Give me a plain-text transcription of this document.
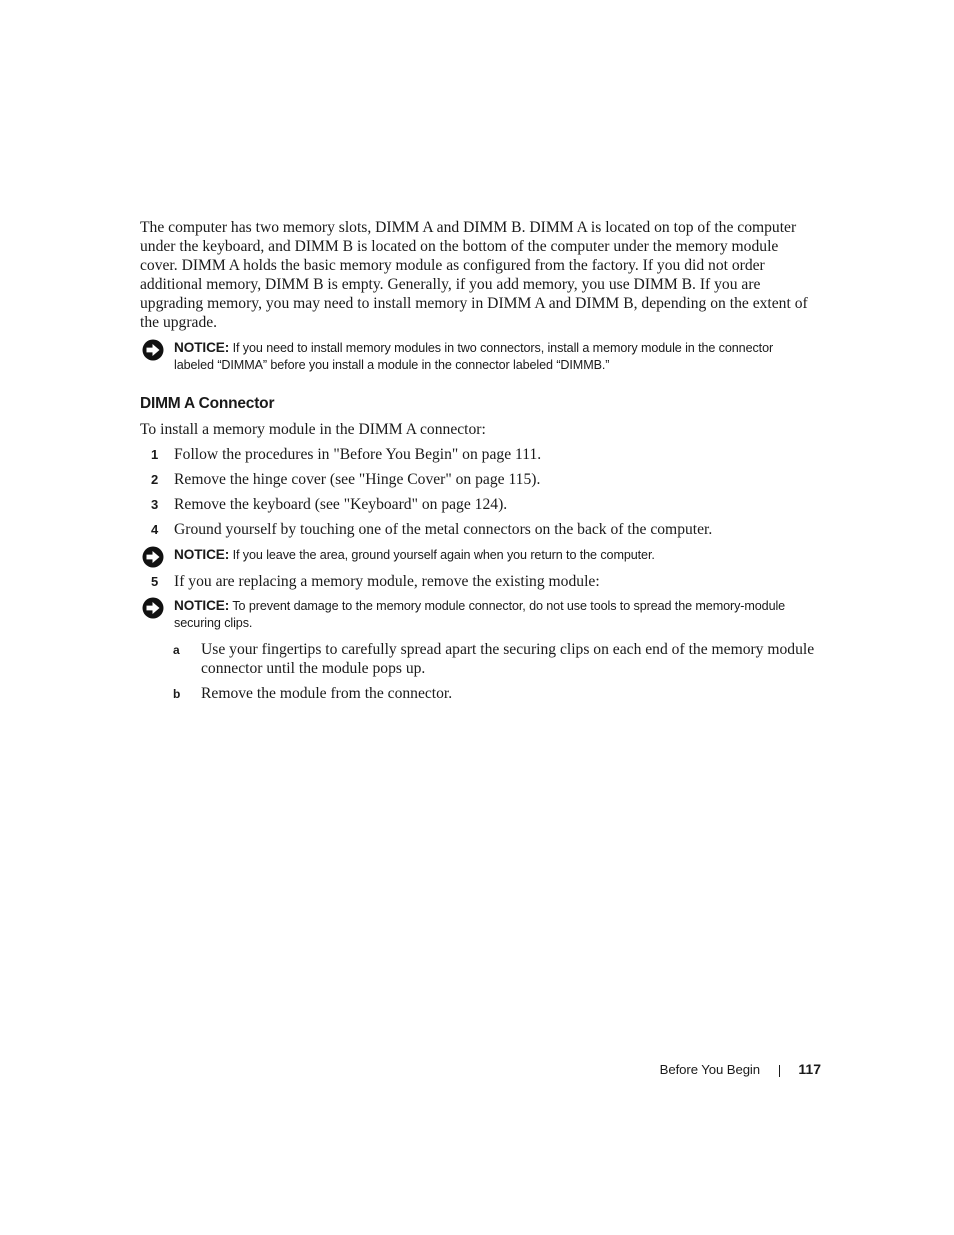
The computer has two memory slots, DIMM A and DIMM B. DIMM A is located on top of the computer under the keyboard, and DIMM B is located on the bottom of the computer under the memory module cover. DIMM A holds the basic memory module as configured from the factory. If you did not order additional memory, DIMM B is empty. Generally, if you add memory, you use DIMM B. If you are upgrading memory, you may need to install memory in DIMM A and DIMM B, depending on the extent of the upgrade.
NOTICE: If you need to install memory modules in two connectors, install a memory module in the connector labeled “DIMMA” before you install a module in the connector labeled “DIMMB.”
DIMM A Connector
To install a memory module in the DIMM A connector:
1 Follow the procedures in "Before You Begin" on page 111.
2 Remove the hinge cover (see "Hinge Cover" on page 115).
3 Remove the keyboard (see "Keyboard" on page 124).
4 Ground yourself by touching one of the metal connectors on the back of the computer.
NOTICE: If you leave the area, ground yourself again when you return to the computer.
5 If you are replacing a memory module, remove the existing module:
NOTICE: To prevent damage to the memory module connector, do not use tools to spread the memory-module securing clips.
a Use your fingertips to carefully spread apart the securing clips on each end of the memory module connector until the module pops up.
b Remove the module from the connector.
Before You Begin	117
